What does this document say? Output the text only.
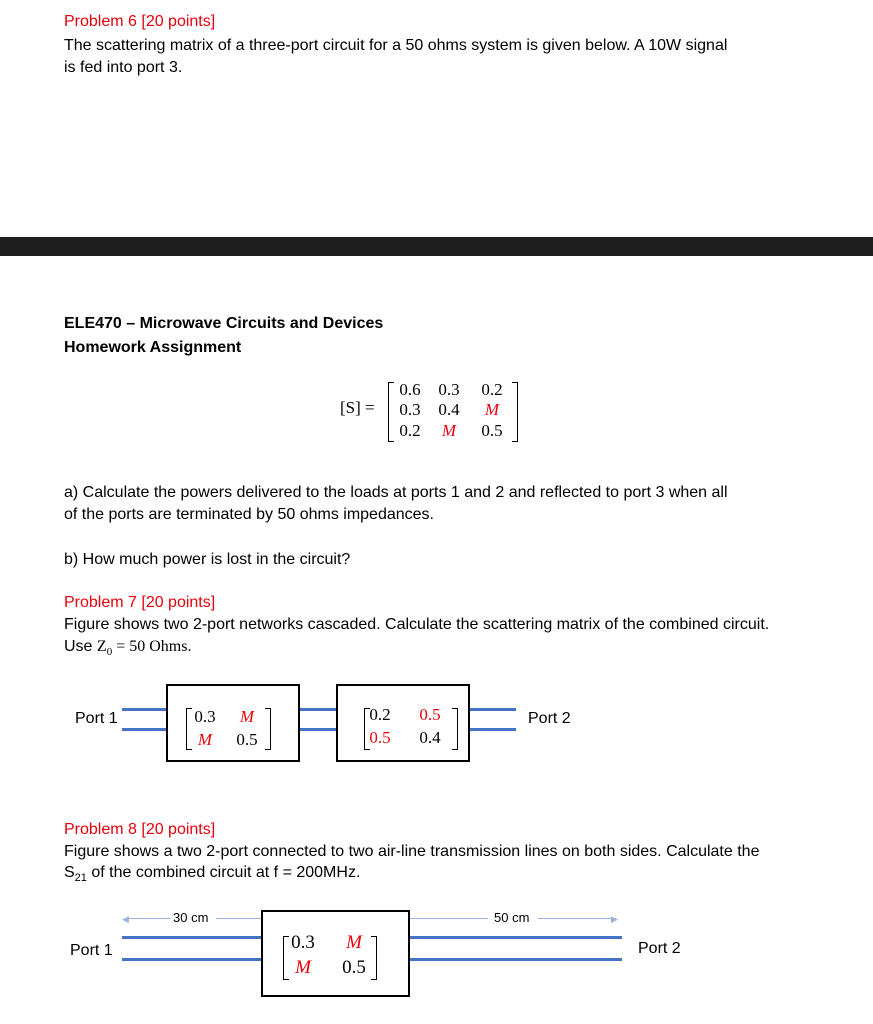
Problem 6 [20 points]
The scattering matrix of a three-port circuit for a 50 ohms system is given below. A 10W signal
is fed into port 3.
ELE470 – Microwave Circuits and Devices
Homework Assignment
[S] =
0.6	0.3	0.2
0.3	0.4	M
0.2	M	0.5
a) Calculate the powers delivered to the loads at ports 1 and 2 and reflected to port 3 when all
of the ports are terminated by 50 ohms impedances.
b) How much power is lost in the circuit?
Problem 7 [20 points]
Figure shows two 2-port networks cascaded. Calculate the scattering matrix of the combined circuit.
Use $Z_0 = 50$ Ohms.
Port 1	Port 2
0.3	M
M	0.5
0.2	0.5
0.5	0.4
Problem 8 [20 points]
Figure shows a two 2-port connected to two air-line transmission lines on both sides. Calculate the
$S_{21}$ of the combined circuit at f = 200MHz.
Port 1	Port 2
◀	30 cm	50 cm	▶
0.3	M
M	0.5
